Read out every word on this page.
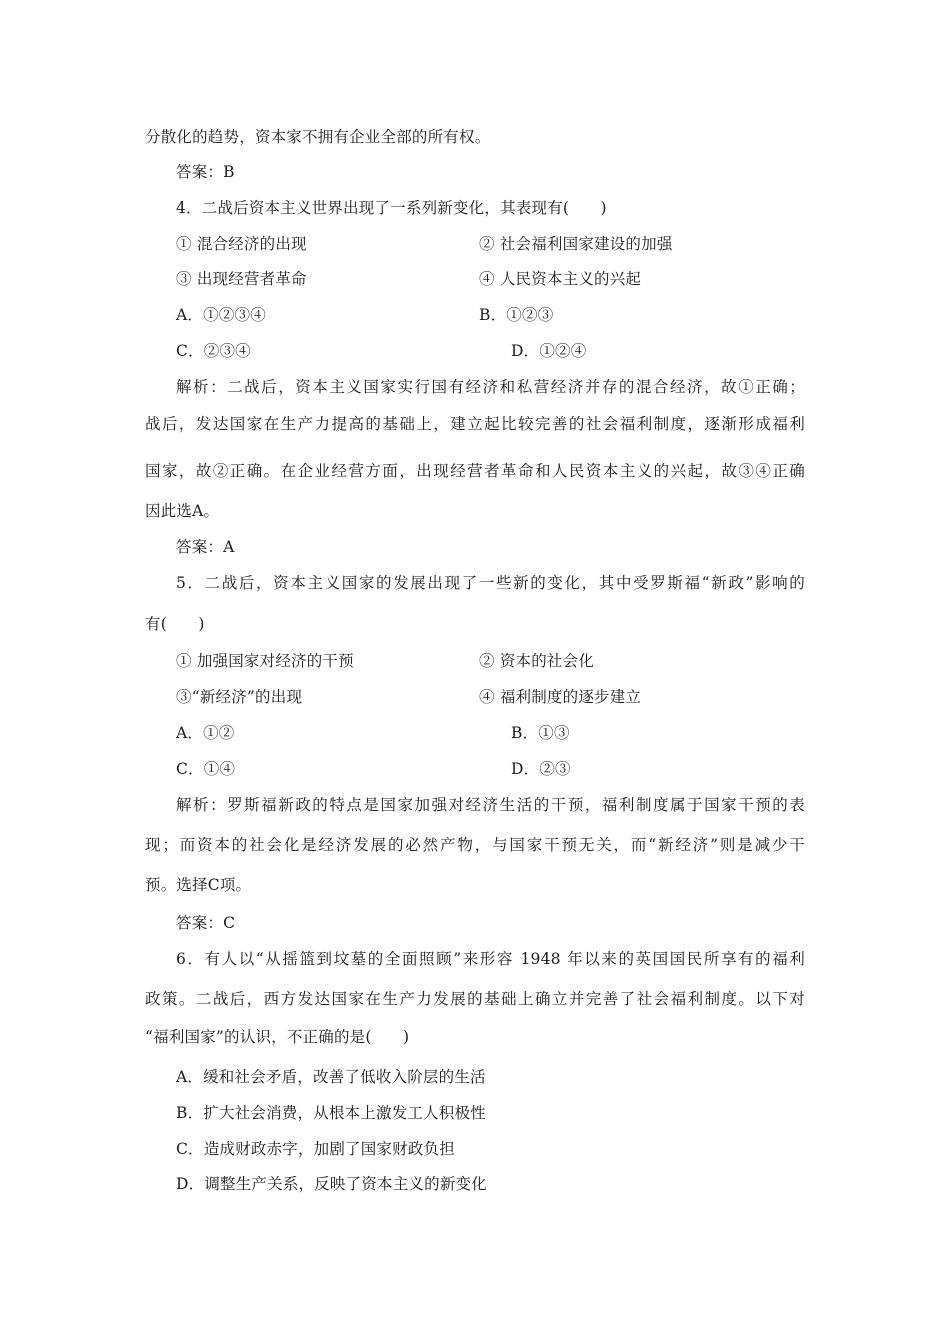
分散化的趋势，资本家不拥有企业全部的所有权。
答案：B
4．二战后资本主义世界出现了一系列新变化，其表现有(　　)
① 混合经济的出现	② 社会福利国家建设的加强
③ 出现经营者革命	④ 人民资本主义的兴起
A．①②③④	B．①②③
C．②③④	D．①②④
解析：二战后，资本主义国家实行国有经济和私营经济并存的混合经济，故①正确；
战后，发达国家在生产力提高的基础上，建立起比较完善的社会福利制度，逐渐形成福利
国家，故②正确。在企业经营方面，出现经营者革命和人民资本主义的兴起，故③④正确
因此选A。
答案：A
5．二战后，资本主义国家的发展出现了一些新的变化，其中受罗斯福“新政”影响的
有(　　)
① 加强国家对经济的干预	② 资本的社会化
③“新经济”的出现	④ 福利制度的逐步建立
A．①②	B．①③
C．①④	D．②③
解析：罗斯福新政的特点是国家加强对经济生活的干预，福利制度属于国家干预的表
现；而资本的社会化是经济发展的必然产物，与国家干预无关，而“新经济”则是减少干
预。选择C项。
答案：C
6．有人以“从摇篮到坟墓的全面照顾”来形容 1948 年以来的英国国民所享有的福利
政策。二战后，西方发达国家在生产力发展的基础上确立并完善了社会福利制度。以下对
“福利国家”的认识，不正确的是(　　)
A．缓和社会矛盾，改善了低收入阶层的生活
B．扩大社会消费，从根本上激发工人积极性
C．造成财政赤字，加剧了国家财政负担
D．调整生产关系，反映了资本主义的新变化
